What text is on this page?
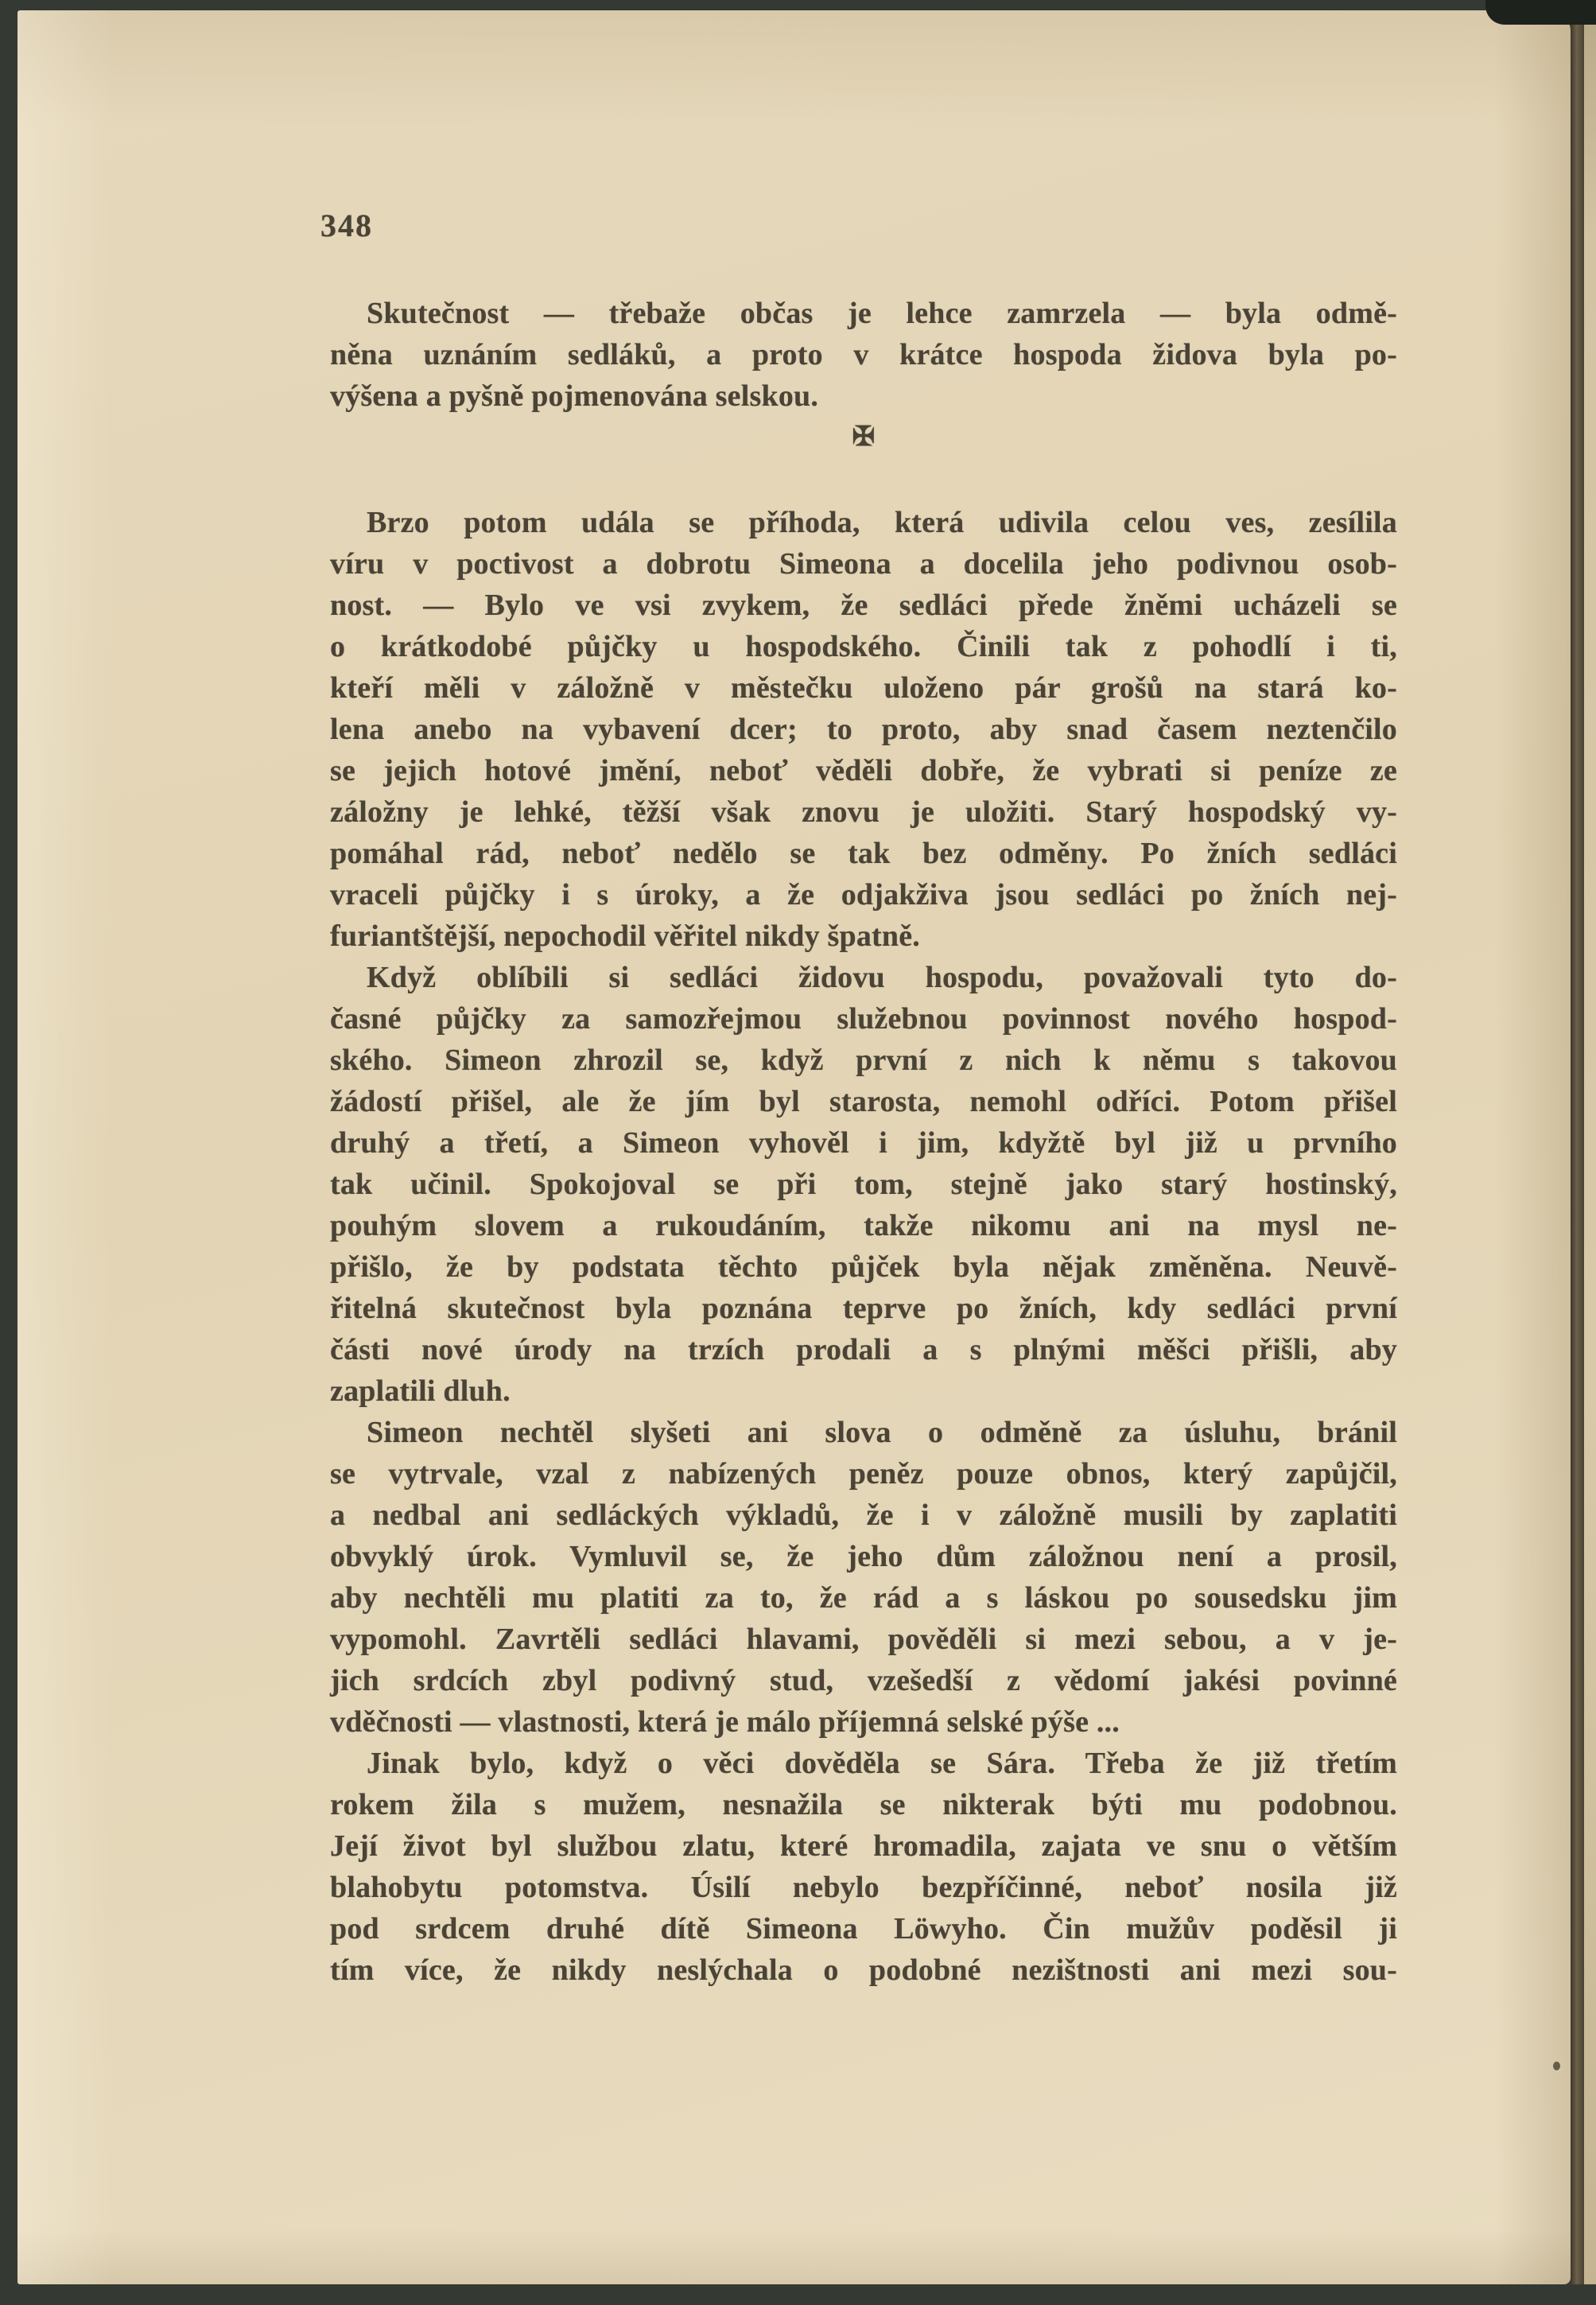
348

Skutečnost — třebaže občas je lehce zamrzela — byla odmě-
něna uznáním sedláků, a proto v krátce hospoda židova byla po-
výšena a pyšně pojmenována selskou.

✠

Brzo potom udála se příhoda, která udivila celou ves, zesílila
víru v poctivost a dobrotu Simeona a docelila jeho podivnou osob-
nost. — Bylo ve vsi zvykem, že sedláci přede žněmi ucházeli se
o krátkodobé půjčky u hospodského. Činili tak z pohodlí i ti,
kteří měli v záložně v městečku uloženo pár grošů na stará ko-
lena anebo na vybavení dcer; to proto, aby snad časem neztenčilo
se jejich hotové jmění, neboť věděli dobře, že vybrati si peníze ze
záložny je lehké, těžší však znovu je uložiti. Starý hospodský vy-
pomáhal rád, neboť nedělo se tak bez odměny. Po žních sedláci
vraceli půjčky i s úroky, a že odjakživa jsou sedláci po žních nej-
furiantštější, nepochodil věřitel nikdy špatně.

Když oblíbili si sedláci židovu hospodu, považovali tyto do-
časné půjčky za samozřejmou služebnou povinnost nového hospod-
ského. Simeon zhrozil se, když první z nich k němu s takovou
žádostí přišel, ale že jím byl starosta, nemohl odříci. Potom přišel
druhý a třetí, a Simeon vyhověl i jim, kdyžtě byl již u prvního
tak učinil. Spokojoval se při tom, stejně jako starý hostinský,
pouhým slovem a rukoudáním, takže nikomu ani na mysl ne-
přišlo, že by podstata těchto půjček byla nějak změněna. Neuvě-
řitelná skutečnost byla poznána teprve po žních, kdy sedláci první
části nové úrody na trzích prodali a s plnými měšci přišli, aby
zaplatili dluh.

Simeon nechtěl slyšeti ani slova o odměně za úsluhu, bránil
se vytrvale, vzal z nabízených peněz pouze obnos, který zapůjčil,
a nedbal ani sedláckých výkladů, že i v záložně musili by zaplatiti
obvyklý úrok. Vymluvil se, že jeho dům záložnou není a prosil,
aby nechtěli mu platiti za to, že rád a s láskou po sousedsku jim
vypomohl. Zavrtěli sedláci hlavami, pověděli si mezi sebou, a v je-
jich srdcích zbyl podivný stud, vzešedší z vědomí jakési povinné
vděčnosti — vlastnosti, která je málo příjemná selské pýše ...

Jinak bylo, když o věci dověděla se Sára. Třeba že již třetím
rokem žila s mužem, nesnažila se nikterak býti mu podobnou.
Její život byl službou zlatu, které hromadila, zajata ve snu o větším
blahobytu potomstva. Úsilí nebylo bezpříčinné, neboť nosila již
pod srdcem druhé dítě Simeona Löwyho. Čin mužův poděsil ji
tím více, že nikdy neslýchala o podobné nezištnosti ani mezi sou-
